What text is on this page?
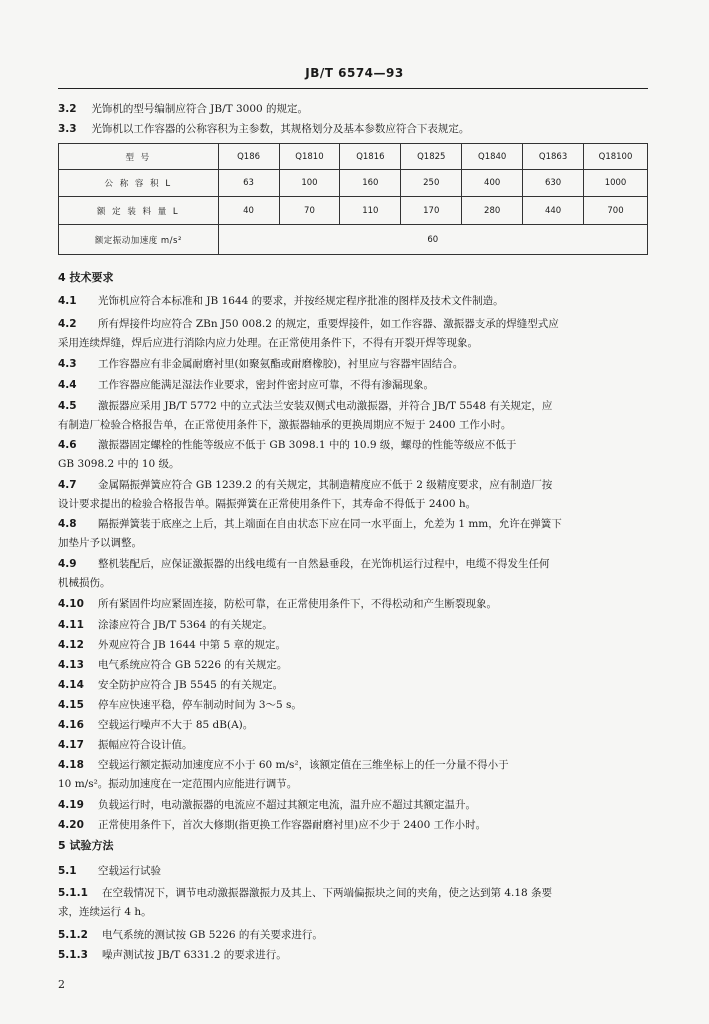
JB/T 6574—93
3.2 光饰机的型号编制应符合 JB/T 3000 的规定。
3.3 光饰机以工作容器的公称容积为主参数，其规格划分及基本参数应符合下表规定。
型 号	Q186	Q1810	Q1816	Q1825	Q1840	Q1863	Q18100
公 称 容 积 L	63	100	160	250	400	630	1000
额 定 装 料 量 L	40	70	110	170	280	440	700
额定振动加速度 m/s²	60						
4 技术要求
4.1 光饰机应符合本标准和 JB 1644 的要求，并按经规定程序批准的图样及技术文件制造。
4.2 所有焊接件均应符合 ZBn J50 008.2 的规定，重要焊接件，如工作容器、激振器支承的焊缝型式应
采用连续焊缝，焊后应进行消除内应力处理。在正常使用条件下，不得有开裂开焊等现象。
4.3 工作容器应有非金属耐磨衬里(如聚氨酯或耐磨橡胶)，衬里应与容器牢固结合。
4.4 工作容器应能满足湿法作业要求，密封件密封应可靠，不得有渗漏现象。
4.5 激振器应采用 JB/T 5772 中的立式法兰安装双侧式电动激振器，并符合 JB/T 5548 有关规定，应
有制造厂检验合格报告单，在正常使用条件下，激振器轴承的更换周期应不短于 2400 工作小时。
4.6 激振器固定螺栓的性能等级应不低于 GB 3098.1 中的 10.9 级，螺母的性能等级应不低于
GB 3098.2 中的 10 级。
4.7 金属隔振弹簧应符合 GB 1239.2 的有关规定，其制造精度应不低于 2 级精度要求，应有制造厂按
设计要求提出的检验合格报告单。隔振弹簧在正常使用条件下，其寿命不得低于 2400 h。
4.8 隔振弹簧装于底座之上后，其上端面在自由状态下应在同一水平面上，允差为 1 mm，允许在弹簧下
加垫片予以调整。
4.9 整机装配后，应保证激振器的出线电缆有一自然悬垂段，在光饰机运行过程中，电缆不得发生任何
机械损伤。
4.10 所有紧固件均应紧固连接，防松可靠，在正常使用条件下，不得松动和产生断裂现象。
4.11 涂漆应符合 JB/T 5364 的有关规定。
4.12 外观应符合 JB 1644 中第 5 章的规定。
4.13 电气系统应符合 GB 5226 的有关规定。
4.14 安全防护应符合 JB 5545 的有关规定。
4.15 停车应快速平稳，停车制动时间为 3～5 s。
4.16 空载运行噪声不大于 85 dB(A)。
4.17 振幅应符合设计值。
4.18 空载运行额定振动加速度应不小于 60 m/s²，该额定值在三维坐标上的任一分量不得小于
10 m/s²。振动加速度在一定范围内应能进行调节。
4.19 负载运行时，电动激振器的电流应不超过其额定电流，温升应不超过其额定温升。
4.20 正常使用条件下，首次大修期(指更换工作容器耐磨衬里)应不少于 2400 工作小时。
5 试验方法
5.1 空载运行试验
5.1.1 在空载情况下，调节电动激振器激振力及其上、下两端偏振块之间的夹角，使之达到第 4.18 条要
求，连续运行 4 h。
5.1.2 电气系统的测试按 GB 5226 的有关要求进行。
5.1.3 噪声测试按 JB/T 6331.2 的要求进行。
2
